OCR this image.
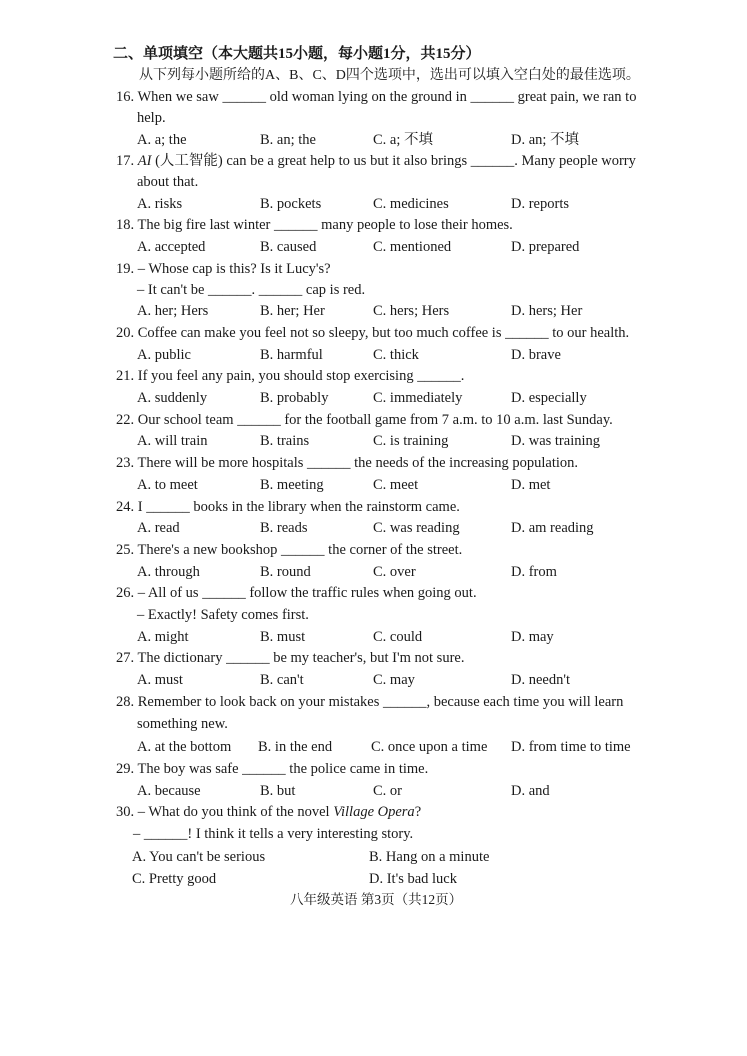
二、单项填空（本大题共15小题，每小题1分，共15分）
从下列每小题所给的A、B、C、D四个选项中，选出可以填入空白处的最佳选项。
16. When we saw ______ old woman lying on the ground in ______ great pain, we ran to
help.
A. a; the	B. an; the	C. a; 不填	D. an; 不填
17. AI (人工智能) can be a great help to us but it also brings ______. Many people worry
about that.
A. risks	B. pockets	C. medicines	D. reports
18. The big fire last winter ______ many people to lose their homes.
A. accepted	B. caused	C. mentioned	D. prepared
19. – Whose cap is this? Is it Lucy's?
– It can't be ______. ______ cap is red.
A. her; Hers	B. her; Her	C. hers; Hers	D. hers; Her
20. Coffee can make you feel not so sleepy, but too much coffee is ______ to our health.
A. public	B. harmful	C. thick	D. brave
21. If you feel any pain, you should stop exercising ______.
A. suddenly	B. probably	C. immediately	D. especially
22. Our school team ______ for the football game from 7 a.m. to 10 a.m. last Sunday.
A. will train	B. trains	C. is training	D. was training
23. There will be more hospitals ______ the needs of the increasing population.
A. to meet	B. meeting	C. meet	D. met
24. I ______ books in the library when the rainstorm came.
A. read	B. reads	C. was reading	D. am reading
25. There's a new bookshop ______ the corner of the street.
A. through	B. round	C. over	D. from
26. – All of us ______ follow the traffic rules when going out.
– Exactly! Safety comes first.
A. might	B. must	C. could	D. may
27. The dictionary ______ be my teacher's, but I'm not sure.
A. must	B. can't	C. may	D. needn't
28. Remember to look back on your mistakes ______, because each time you will learn
something new.
A. at the bottom B. in the end	C. once upon a time D. from time to time
29. The boy was safe ______ the police came in time.
A. because	B. but	C. or	D. and
30. – What do you think of the novel Village Opera?
– ______! I think it tells a very interesting story.
A. You can't be serious	B. Hang on a minute
C. Pretty good	D. It's bad luck
八年级英语 第3页（共12页）
